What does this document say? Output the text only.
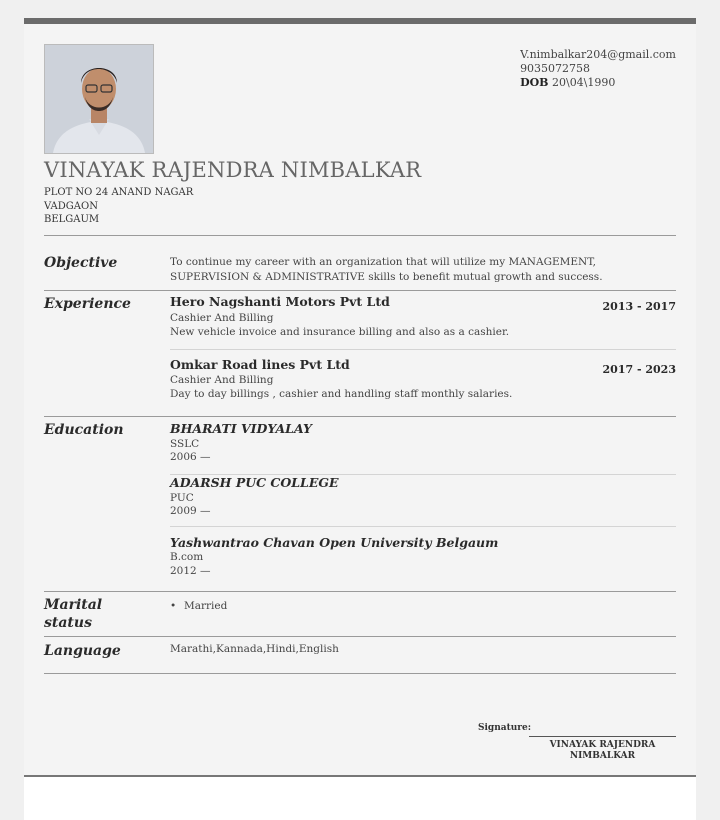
V.nimbalkar204@gmail.com
9035072758
DOB 20\04\1990
VINAYAK RAJENDRA NIMBALKAR
PLOT NO 24 ANAND NAGAR
VADGAON
BELGAUM
Objective	To continue my career with an organization that will utilize my MANAGEMENT,
SUPERVISION & ADMINISTRATIVE skills to benefit mutual growth and success.
Experience	Hero Nagshanti Motors Pvt Ltd	2013 - 2017
Cashier And Billing
New vehicle invoice and insurance billing and also as a cashier.
Omkar Road lines Pvt Ltd	2017 - 2023
Cashier And Billing
Day to day billings , cashier and handling staff monthly salaries.
Education	BHARATI VIDYALAY
SSLC
2006 —
ADARSH PUC COLLEGE
PUC
2009 —
Yashwantrao Chavan Open University Belgaum
B.com
2012 —
Marital
status
• Married
Language	Marathi,Kannada,Hindi,English
Signature:
VINAYAK RAJENDRA
NIMBALKAR
